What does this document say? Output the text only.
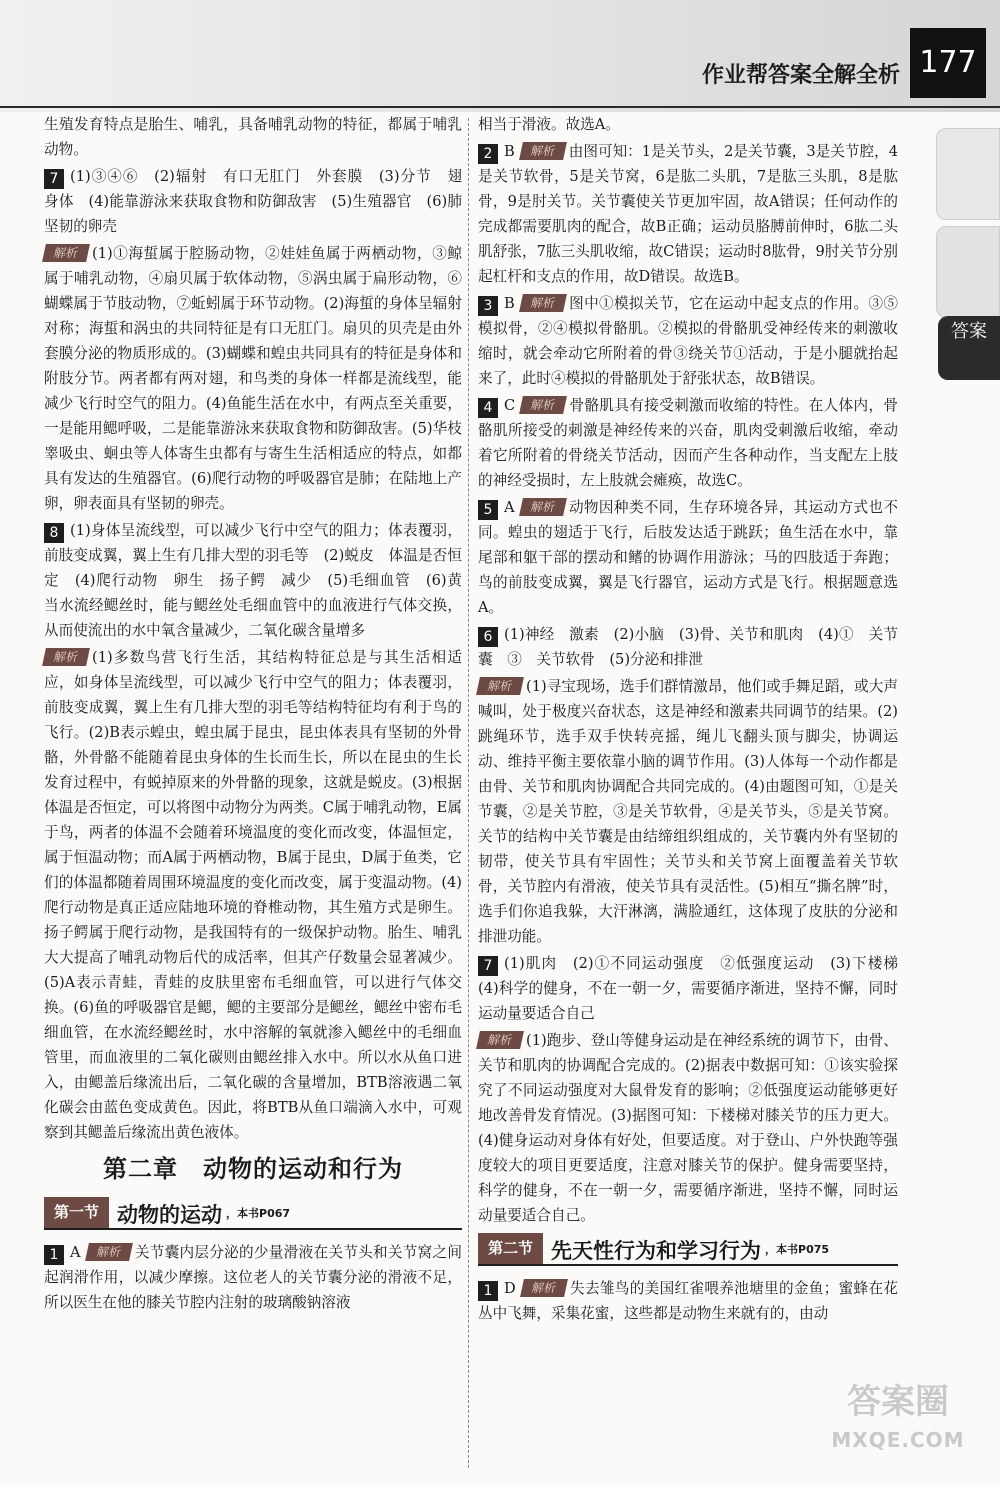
作业帮答案全解全析 177
答案

生殖发育特点是胎生、哺乳，具备哺乳动物的特征，都属于哺乳动物。

7 (1)③④⑥　(2)辐射　有口无肛门　外套膜　(3)分节　翅　身体　(4)能靠游泳来获取食物和防御敌害　(5)生殖器官　(6)肺　坚韧的卵壳

解析 (1)①海蜇属于腔肠动物，②娃娃鱼属于两栖动物，③鲸属于哺乳动物，④扇贝属于软体动物，⑤涡虫属于扁形动物，⑥蝴蝶属于节肢动物，⑦蚯蚓属于环节动物。(2)海蜇的身体呈辐射对称；海蜇和涡虫的共同特征是有口无肛门。扇贝的贝壳是由外套膜分泌的物质形成的。(3)蝴蝶和蝗虫共同具有的特征是身体和附肢分节。两者都有两对翅，和鸟类的身体一样都是流线型，能减少飞行时空气的阻力。(4)鱼能生活在水中，有两点至关重要，一是能用鳃呼吸，二是能靠游泳来获取食物和防御敌害。(5)华枝睾吸虫、蛔虫等人体寄生虫都有与寄生生活相适应的特点，如都具有发达的生殖器官。(6)爬行动物的呼吸器官是肺；在陆地上产卵，卵表面具有坚韧的卵壳。

8 (1)身体呈流线型，可以减少飞行中空气的阻力；体表覆羽，前肢变成翼，翼上生有几排大型的羽毛等　(2)蜕皮　体温是否恒定　(4)爬行动物　卵生　扬子鳄　减少　(5)毛细血管　(6)黄　当水流经鳃丝时，能与鳃丝处毛细血管中的血液进行气体交换，从而使流出的水中氧含量减少，二氧化碳含量增多

解析 (1)多数鸟营飞行生活，其结构特征总是与其生活相适应，如身体呈流线型，可以减少飞行中空气的阻力；体表覆羽，前肢变成翼，翼上生有几排大型的羽毛等结构特征均有利于鸟的飞行。(2)B表示蝗虫，蝗虫属于昆虫，昆虫体表具有坚韧的外骨骼，外骨骼不能随着昆虫身体的生长而生长，所以在昆虫的生长发育过程中，有蜕掉原来的外骨骼的现象，这就是蜕皮。(3)根据体温是否恒定，可以将图中动物分为两类。C属于哺乳动物，E属于鸟，两者的体温不会随着环境温度的变化而改变，体温恒定，属于恒温动物；而A属于两栖动物，B属于昆虫，D属于鱼类，它们的体温都随着周围环境温度的变化而改变，属于变温动物。(4)爬行动物是真正适应陆地环境的脊椎动物，其生殖方式是卵生。扬子鳄属于爬行动物，是我国特有的一级保护动物。胎生、哺乳大大提高了哺乳动物后代的成活率，但其产仔数量会显著减少。(5)A表示青蛙，青蛙的皮肤里密布毛细血管，可以进行气体交换。(6)鱼的呼吸器官是鳃，鳃的主要部分是鳃丝，鳃丝中密布毛细血管，在水流经鳃丝时，水中溶解的氧就渗入鳃丝中的毛细血管里，而血液里的二氧化碳则由鳃丝排入水中。所以水从鱼口进入，由鳃盖后缘流出后，二氧化碳的含量增加，BTB溶液遇二氧化碳会由蓝色变成黄色。因此，将BTB从鱼口端滴入水中，可观察到其鳃盖后缘流出黄色液体。

第二章　动物的运动和行为
第一节 动物的运动 ，本书P067

1 A 解析 关节囊内层分泌的少量滑液在关节头和关节窝之间起润滑作用，以减少摩擦。这位老人的关节囊分泌的滑液不足，所以医生在他的膝关节腔内注射的玻璃酸钠溶液

相当于滑液。故选A。

2 B 解析 由图可知：1是关节头，2是关节囊，3是关节腔，4是关节软骨，5是关节窝，6是肱二头肌，7是肱三头肌，8是肱骨，9是肘关节。关节囊使关节更加牢固，故A错误；任何动作的完成都需要肌肉的配合，故B正确；运动员胳膊前伸时，6肱二头肌舒张，7肱三头肌收缩，故C错误；运动时8肱骨，9肘关节分别起杠杆和支点的作用，故D错误。故选B。

3 B 解析 图中①模拟关节，它在运动中起支点的作用。③⑤模拟骨，②④模拟骨骼肌。②模拟的骨骼肌受神经传来的刺激收缩时，就会牵动它所附着的骨③绕关节①活动，于是小腿就抬起来了，此时④模拟的骨骼肌处于舒张状态，故B错误。

4 C 解析 骨骼肌具有接受刺激而收缩的特性。在人体内，骨骼肌所接受的刺激是神经传来的兴奋，肌肉受刺激后收缩，牵动着它所附着的骨绕关节活动，因而产生各种动作，当支配左上肢的神经受损时，左上肢就会瘫痪，故选C。

5 A 解析 动物因种类不同，生存环境各异，其运动方式也不同。蝗虫的翅适于飞行，后肢发达适于跳跃；鱼生活在水中，靠尾部和躯干部的摆动和鳍的协调作用游泳；马的四肢适于奔跑；鸟的前肢变成翼，翼是飞行器官，运动方式是飞行。根据题意选A。

6 (1)神经　激素　(2)小脑　(3)骨、关节和肌肉　(4)①　关节囊　③　关节软骨　(5)分泌和排泄

解析 (1)寻宝现场，选手们群情激昂，他们或手舞足蹈，或大声喊叫，处于极度兴奋状态，这是神经和激素共同调节的结果。(2)跳绳环节，选手双手快转亮摇，绳儿飞翻头顶与脚尖，协调运动、维持平衡主要依靠小脑的调节作用。(3)人体每一个动作都是由骨、关节和肌肉协调配合共同完成的。(4)由题图可知，①是关节囊，②是关节腔，③是关节软骨，④是关节头，⑤是关节窝。关节的结构中关节囊是由结缔组织组成的，关节囊内外有坚韧的韧带，使关节具有牢固性；关节头和关节窝上面覆盖着关节软骨，关节腔内有滑液，使关节具有灵活性。(5)相互“撕名牌”时，选手们你追我躲，大汗淋漓，满脸通红，这体现了皮肤的分泌和排泄功能。

7 (1)肌肉　(2)①不同运动强度　②低强度运动　(3)下楼梯　(4)科学的健身，不在一朝一夕，需要循序渐进，坚持不懈，同时运动量要适合自己

解析 (1)跑步、登山等健身运动是在神经系统的调节下，由骨、关节和肌肉的协调配合完成的。(2)据表中数据可知：①该实验探究了不同运动强度对大鼠骨发育的影响；②低强度运动能够更好地改善骨发育情况。(3)据图可知：下楼梯对膝关节的压力更大。(4)健身运动对身体有好处，但要适度。对于登山、户外快跑等强度较大的项目更要适度，注意对膝关节的保护。健身需要坚持，科学的健身，不在一朝一夕，需要循序渐进，坚持不懈，同时运动量要适合自己。

第二节 先天性行为和学习行为 ，本书P075

1 D 解析 失去雏鸟的美国红雀喂养池塘里的金鱼；蜜蜂在花丛中飞舞，采集花蜜，这些都是动物生来就有的，由动

答案圈
MXQE.COM
